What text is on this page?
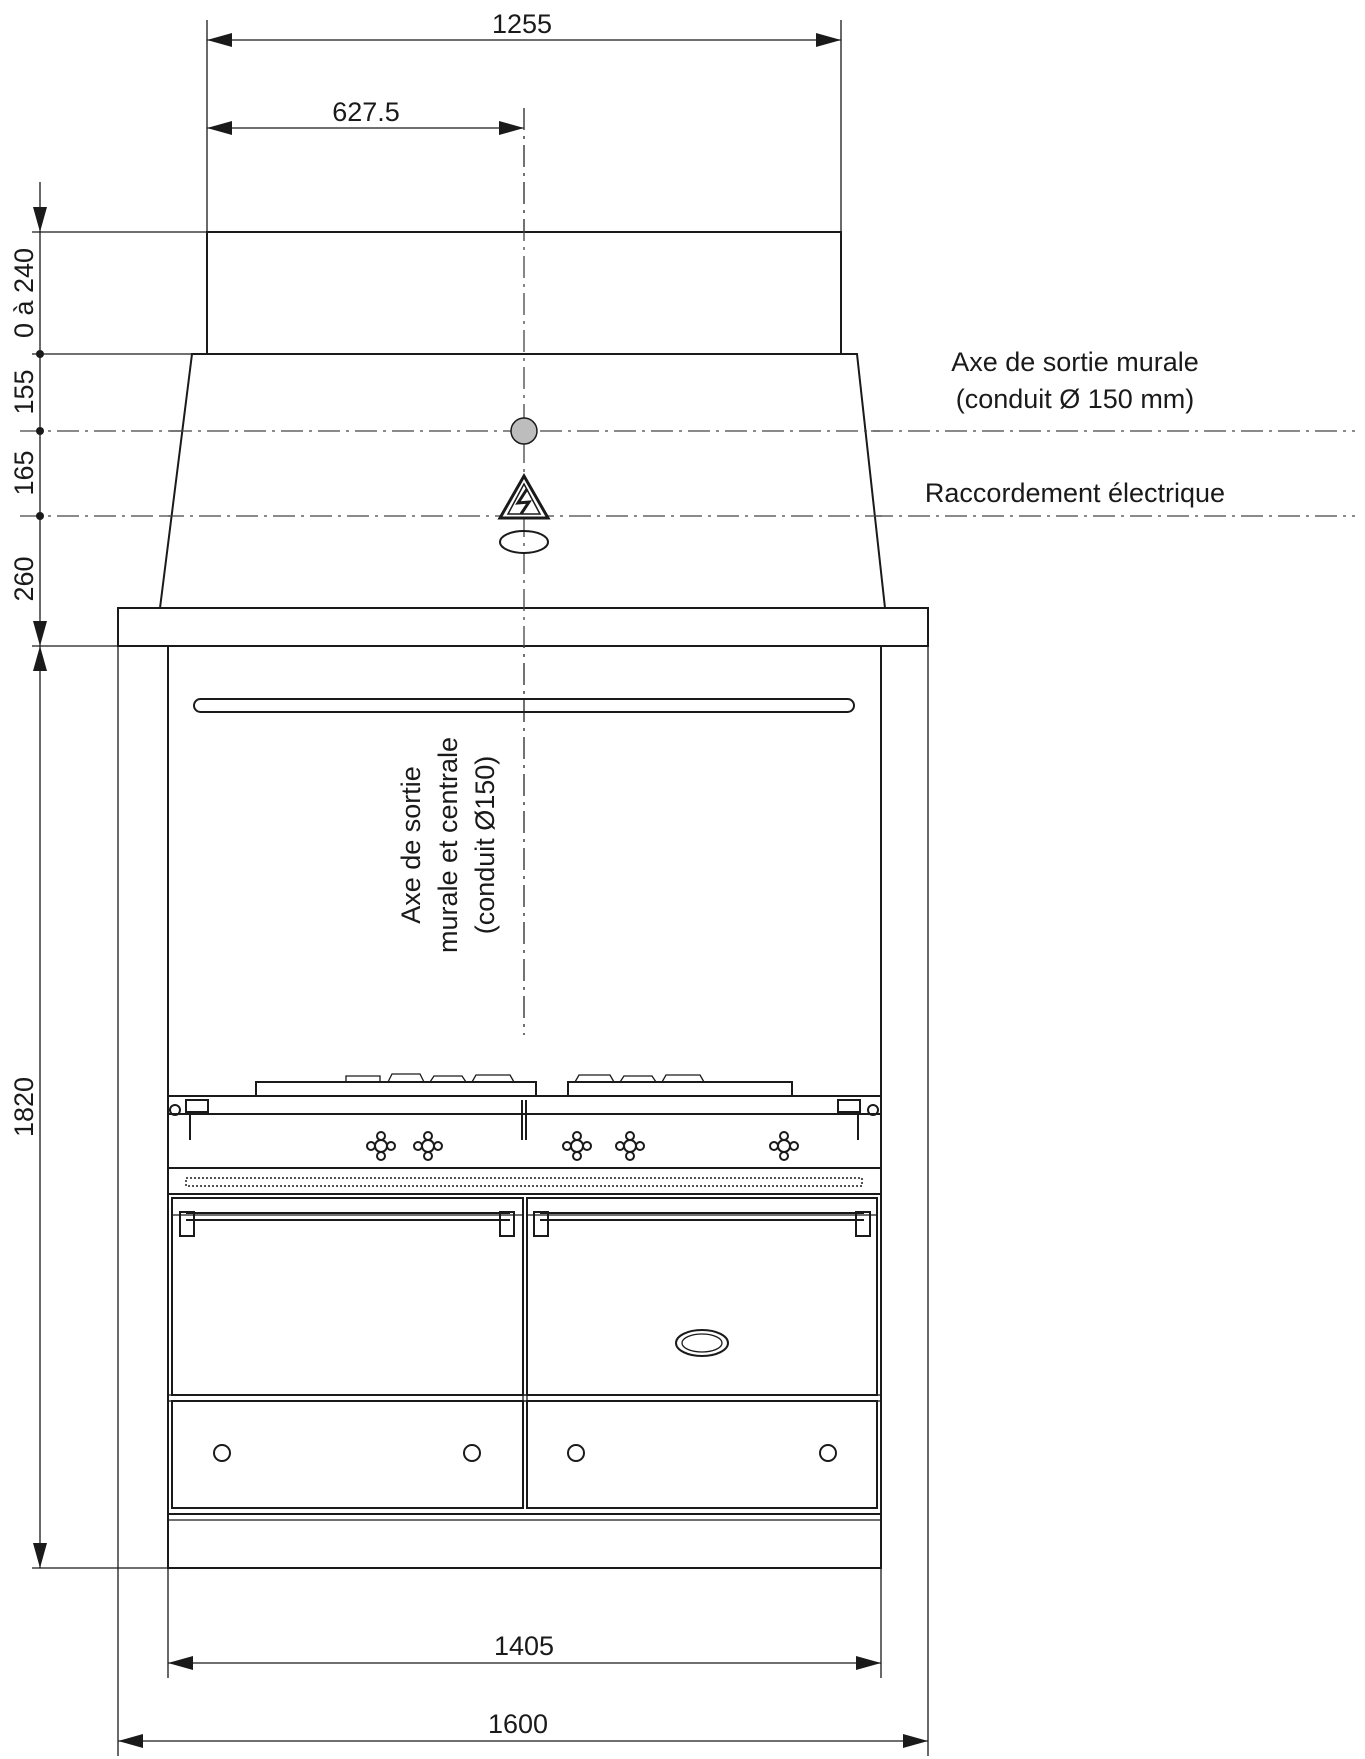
1255
627.5
Axe de sortie murale et centrale (conduit Ø150)
0 à 240
155
165
260
1820
1405
1600
Axe de sortie murale
(conduit Ø 150 mm)
Raccordement électrique
